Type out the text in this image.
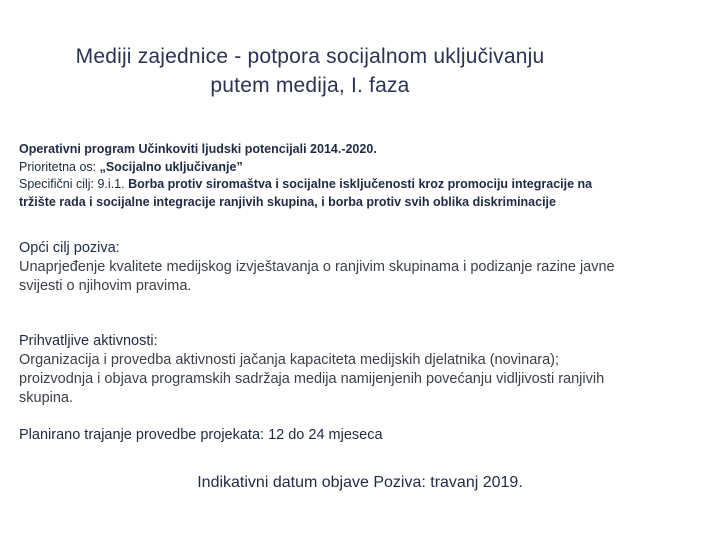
Mediji zajednice - potpora socijalnom uključivanju
putem medija, I. faza
Operativni program Učinkoviti ljudski potencijali 2014.-2020.
Prioritetna os: „Socijalno uključivanje”
Specifični cilj: 9.i.1. Borba protiv siromaštva i socijalne isključenosti kroz promociju integracije na
tržište rada i socijalne integracije ranjivih skupina, i borba protiv svih oblika diskriminacije
Opći cilj poziva:
Unaprjeđenje kvalitete medijskog izvještavanja o ranjivim skupinama i podizanje razine javne
svijesti o njihovim pravima.
Prihvatljive aktivnosti:
Organizacija i provedba aktivnosti jačanja kapaciteta medijskih djelatnika (novinara);
proizvodnja i objava programskih sadržaja medija namijenjenih povećanju vidljivosti ranjivih
skupina.
Planirano trajanje provedbe projekata: 12 do 24 mjeseca
Indikativni datum objave Poziva: travanj 2019.
